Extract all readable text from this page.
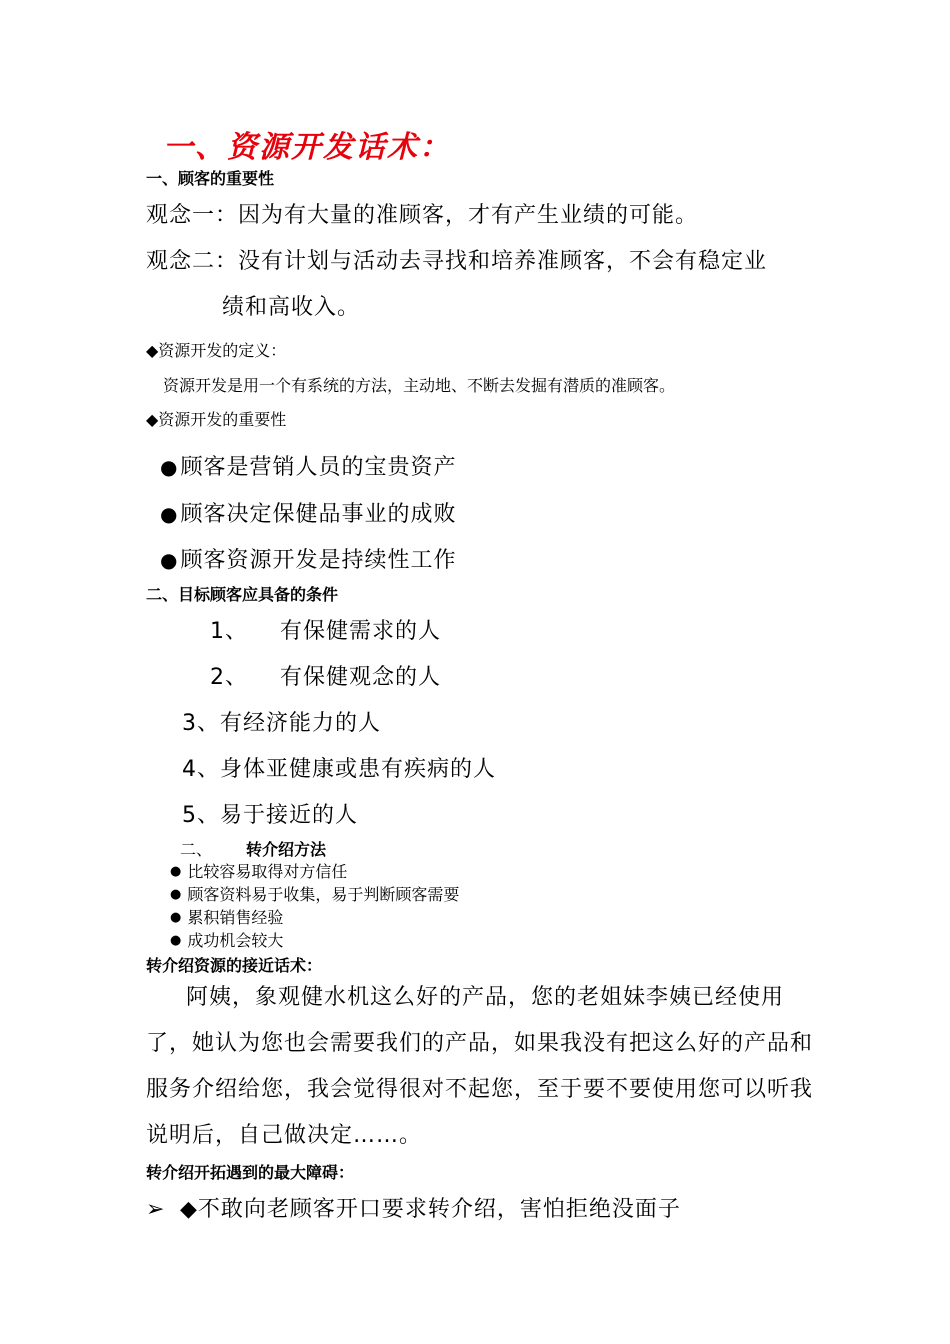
一、资源开发话术：
一、顾客的重要性
观念一：因为有大量的准顾客，才有产生业绩的可能。
观念二：没有计划与活动去寻找和培养准顾客，不会有稳定业
绩和高收入。
◆资源开发的定义：
资源开发是用一个有系统的方法，主动地、不断去发掘有潜质的准顾客。
◆资源开发的重要性
●顾客是营销人员的宝贵资产
●顾客决定保健品事业的成败
●顾客资源开发是持续性工作
二、目标顾客应具备的条件
1、 有保健需求的人
2、 有保健观念的人
3、有经济能力的人
4、身体亚健康或患有疾病的人
5、易于接近的人
二、 转介绍方法
● 比较容易取得对方信任
● 顾客资料易于收集，易于判断顾客需要
● 累积销售经验
● 成功机会较大
转介绍资源的接近话术：
阿姨，象观健水机这么好的产品，您的老姐妹李姨已经使用了，她认为您也会需要我们的产品，如果我没有把这么好的产品和服务介绍给您，我会觉得很对不起您，至于要不要使用您可以听我说明后，自己做决定……。
转介绍开拓遇到的最大障碍：
➢ ◆不敢向老顾客开口要求转介绍，害怕拒绝没面子
